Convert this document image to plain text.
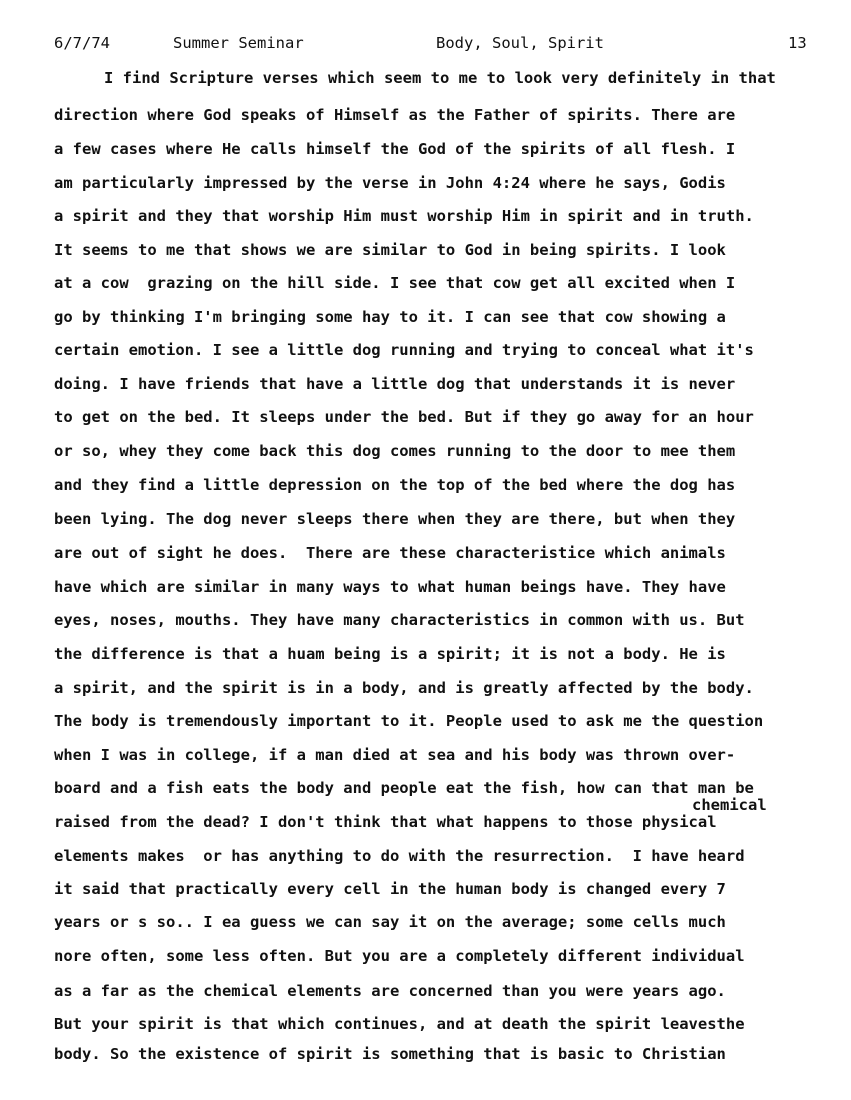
6/7/74	Summer Seminar	Body, Soul, Spirit	13
I find Scripture verses which seem to me to look very definitely in that
direction where God speaks of Himself as the Father of spirits. There are
a few cases where He calls himself the God of the spirits of all flesh. I
am particularly impressed by the verse in John 4:24 where he says, Godis
a spirit and they that worship Him must worship Him in spirit and in truth.
It seems to me that shows we are similar to God in being spirits. I look
at a cow  grazing on the hill side. I see that cow get all excited when I
go by thinking I'm bringing some hay to it. I can see that cow showing a
certain emotion. I see a little dog running and trying to conceal what it's
doing. I have friends that have a little dog that understands it is never
to get on the bed. It sleeps under the bed. But if they go away for an hour
or so, whey they come back this dog comes running to the door to mee them
and they find a little depression on the top of the bed where the dog has
been lying. The dog never sleeps there when they are there, but when they
are out of sight he does.  There are these characteristice which animals
have which are similar in many ways to what human beings have. They have
eyes, noses, mouths. They have many characteristics in common with us. But
the difference is that a huam being is a spirit; it is not a body. He is
a spirit, and the spirit is in a body, and is greatly affected by the body.
The body is tremendously important to it. People used to ask me the question
when I was in college, if a man died at sea and his body was thrown over-
board and a fish eats the body and people eat the fish, how can that man be
chemical
raised from the dead? I don't think that what happens to those physical
elements makes  or has anything to do with the resurrection.  I have heard
it said that practically every cell in the human body is changed every 7
years or s so.. I ea guess we can say it on the average; some cells much
nore often, some less often. But you are a completely different individual
as a far as the chemical elements are concerned than you were years ago.
But your spirit is that which continues, and at death the spirit leavesthe
body. So the existence of spirit is something that is basic to Christian
